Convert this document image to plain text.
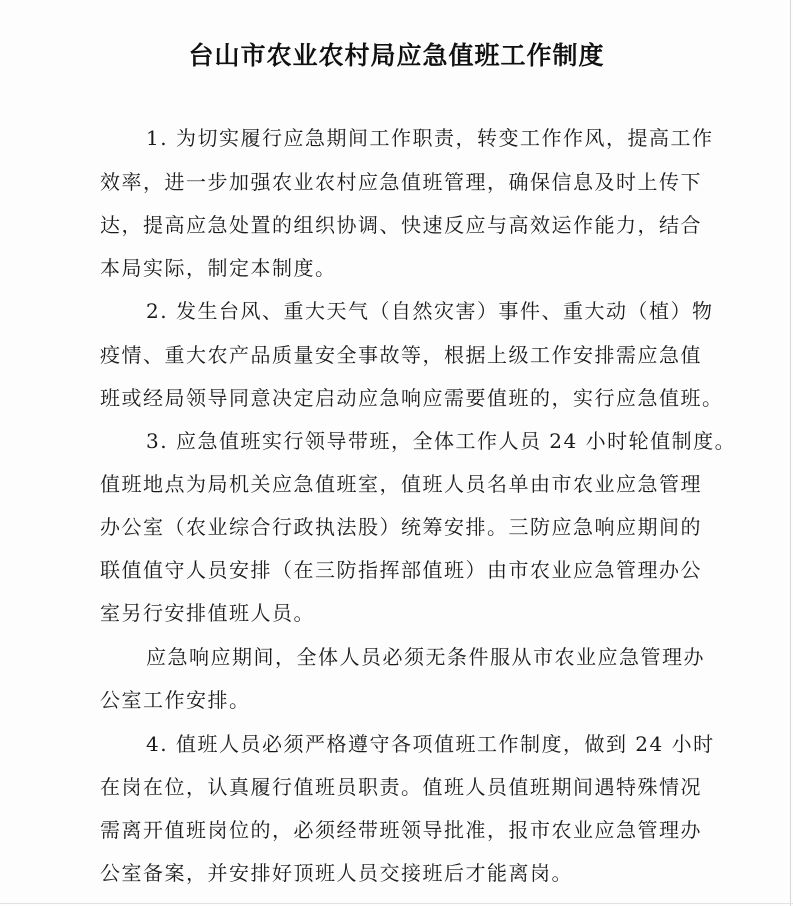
台山市农业农村局应急值班工作制度
1. 为切实履行应急期间工作职责，转变工作作风，提高工作
效率，进一步加强农业农村应急值班管理，确保信息及时上传下
达，提高应急处置的组织协调、快速反应与高效运作能力，结合
本局实际，制定本制度。
2. 发生台风、重大天气（自然灾害）事件、重大动（植）物
疫情、重大农产品质量安全事故等，根据上级工作安排需应急值
班或经局领导同意决定启动应急响应需要值班的，实行应急值班。
3. 应急值班实行领导带班，全体工作人员 24 小时轮值制度。
值班地点为局机关应急值班室，值班人员名单由市农业应急管理
办公室（农业综合行政执法股）统筹安排。三防应急响应期间的
联值值守人员安排（在三防指挥部值班）由市农业应急管理办公
室另行安排值班人员。
应急响应期间，全体人员必须无条件服从市农业应急管理办
公室工作安排。
4. 值班人员必须严格遵守各项值班工作制度，做到 24 小时
在岗在位，认真履行值班员职责。值班人员值班期间遇特殊情况
需离开值班岗位的，必须经带班领导批准，报市农业应急管理办
公室备案，并安排好顶班人员交接班后才能离岗。
